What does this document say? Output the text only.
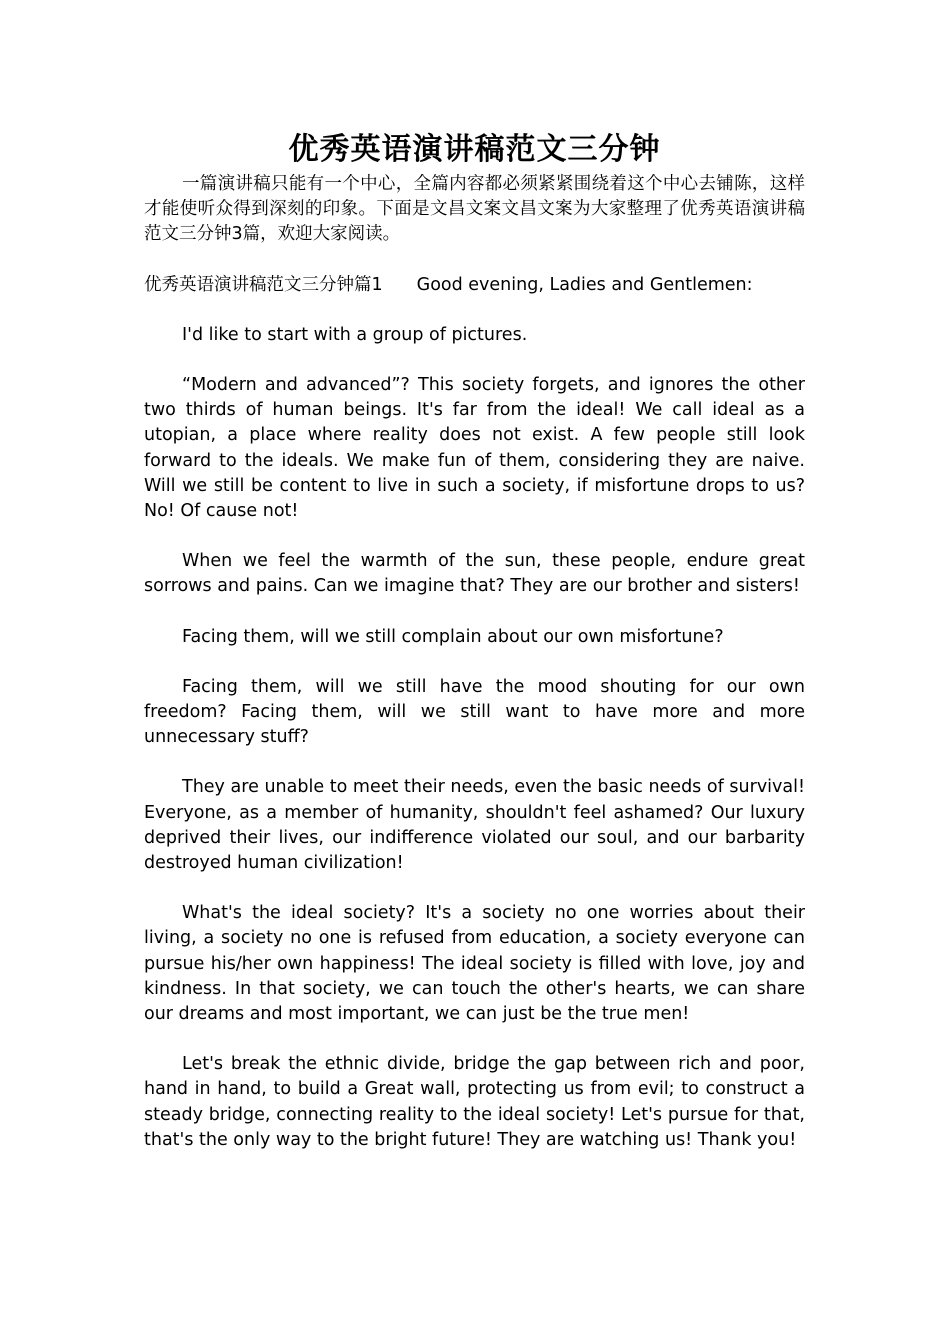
优秀英语演讲稿范文三分钟

一篇演讲稿只能有一个中心，全篇内容都必须紧紧围绕着这个中心去铺陈，这样才能使听众得到深刻的印象。下面是文昌文案文昌文案为大家整理了优秀英语演讲稿范文三分钟3篇，欢迎大家阅读。

优秀英语演讲稿范文三分钟篇1 Good evening, Ladies and Gentlemen:

I'd like to start with a group of pictures.

“Modern and advanced”? This society forgets, and ignores the other two thirds of human beings. It's far from the ideal! We call ideal as a utopian, a place where reality does not exist. A few people still look forward to the ideals. We make fun of them, considering they are naive. Will we still be content to live in such a society, if misfortune drops to us? No! Of cause not!

When we feel the warmth of the sun, these people, endure great sorrows and pains. Can we imagine that? They are our brother and sisters!

Facing them, will we still complain about our own misfortune?

Facing them, will we still have the mood shouting for our own freedom? Facing them, will we still want to have more and more unnecessary stuff?

They are unable to meet their needs, even the basic needs of survival! Everyone, as a member of humanity, shouldn't feel ashamed? Our luxury deprived their lives, our indifference violated our soul, and our barbarity destroyed human civilization!

What's the ideal society? It's a society no one worries about their living, a society no one is refused from education, a society everyone can pursue his/her own happiness! The ideal society is filled with love, joy and kindness. In that society, we can touch the other's hearts, we can share our dreams and most important, we can just be the true men!

Let's break the ethnic divide, bridge the gap between rich and poor, hand in hand, to build a Great wall, protecting us from evil; to construct a steady bridge, connecting reality to the ideal society! Let's pursue for that, that's the only way to the bright future! They are watching us! Thank you!
